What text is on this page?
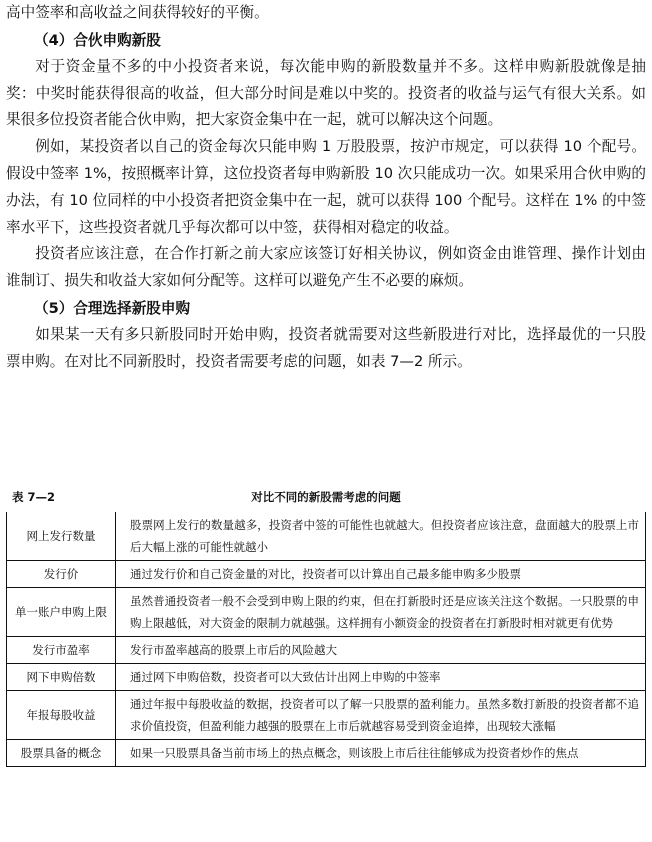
高中签率和高收益之间获得较好的平衡。

（4）合伙申购新股

对于资金量不多的中小投资者来说，每次能申购的新股数量并不多。这样申购新股就像是抽奖：中奖时能获得很高的收益，但大部分时间是难以中奖的。投资者的收益与运气有很大关系。如果很多位投资者能合伙申购，把大家资金集中在一起，就可以解决这个问题。

例如，某投资者以自己的资金每次只能申购 1 万股股票，按沪市规定，可以获得 10 个配号。假设中签率 1%，按照概率计算，这位投资者每申购新股 10 次只能成功一次。如果采用合伙申购的办法，有 10 位同样的中小投资者把资金集中在一起，就可以获得 100 个配号。这样在 1% 的中签率水平下，这些投资者就几乎每次都可以中签，获得相对稳定的收益。

投资者应该注意，在合作打新之前大家应该签订好相关协议，例如资金由谁管理、操作计划由谁制订、损失和收益大家如何分配等。这样可以避免产生不必要的麻烦。

（5）合理选择新股申购

如果某一天有多只新股同时开始申购，投资者就需要对这些新股进行对比，选择最优的一只股票申购。在对比不同新股时，投资者需要考虑的问题，如表 7—2 所示。

表 7—2	对比不同的新股需考虑的问题
网上发行数量	股票网上发行的数量越多，投资者中签的可能性也就越大。但投资者应该注意，盘面越大的股票上市后大幅上涨的可能性就越小
发行价	通过发行价和自己资金量的对比，投资者可以计算出自己最多能申购多少股票
单一账户申购上限	虽然普通投资者一般不会受到申购上限的约束，但在打新股时还是应该关注这个数据。一只股票的申购上限越低，对大资金的限制力就越强。这样拥有小额资金的投资者在打新股时相对就更有优势
发行市盈率	发行市盈率越高的股票上市后的风险越大
网下申购倍数	通过网下申购倍数，投资者可以大致估计出网上申购的中签率
年报每股收益	通过年报中每股收益的数据，投资者可以了解一只股票的盈利能力。虽然多数打新股的投资者都不追求价值投资，但盈利能力越强的股票在上市后就越容易受到资金追捧，出现较大涨幅
股票具备的概念	如果一只股票具备当前市场上的热点概念，则该股上市后往往能够成为投资者炒作的焦点
